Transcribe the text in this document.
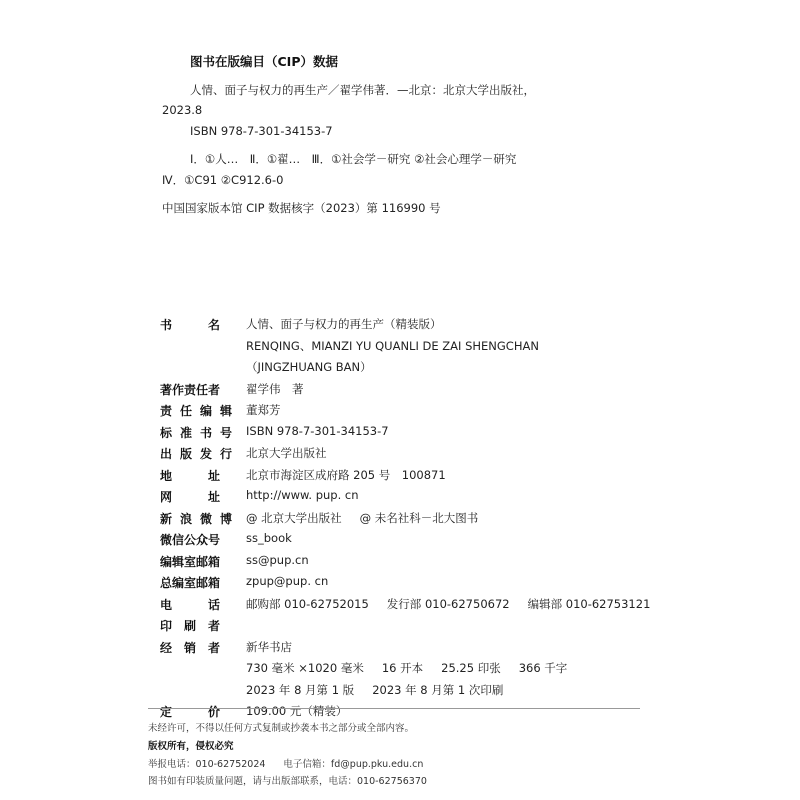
图书在版编目（CIP）数据
人情、面子与权力的再生产／翟学伟著．—北京：北京大学出版社，
2023.8
ISBN 978-7-301-34153-7
Ⅰ．①人…　Ⅱ．①翟…　Ⅲ．①社会学－研究 ②社会心理学－研究
Ⅳ．①C91 ②C912.6-0
中国国家版本馆 CIP 数据核字（2023）第 116990 号
书	名 人情、面子与权力的再生产（精装版）
RENQING、MIANZI YU QUANLI DE ZAI SHENGCHAN
（JINGZHUANG BAN）
著作责任者	翟学伟　著
责 任 编 辑 董郑芳
标 准 书 号 ISBN 978-7-301-34153-7
出 版 发 行 北京大学出版社
地	址 北京市海淀区成府路 205 号　100871
网	址 http://www. pup. cn
新 浪 微 博 @ 北京大学出版社 @ 未名社科－北大图书
微信公众号	ss_book
编辑室邮箱	ss@pup.cn
总编室邮箱	zpup@pup. cn
电	话 邮购部 010-62752015 发行部 010-62750672 编辑部 010-62753121
印 刷 者
经 销 者 新华书店
730 毫米 ×1020 毫米 16 开本 25.25 印张 366 千字
2023 年 8 月第 1 版 2023 年 8 月第 1 次印刷
定	价 109.00 元（精装）
未经许可，不得以任何方式复制或抄袭本书之部分或全部内容。
版权所有，侵权必究
举报电话：010-62752024 电子信箱：fd@pup.pku.edu.cn
图书如有印装质量问题，请与出版部联系，电话：010-62756370
